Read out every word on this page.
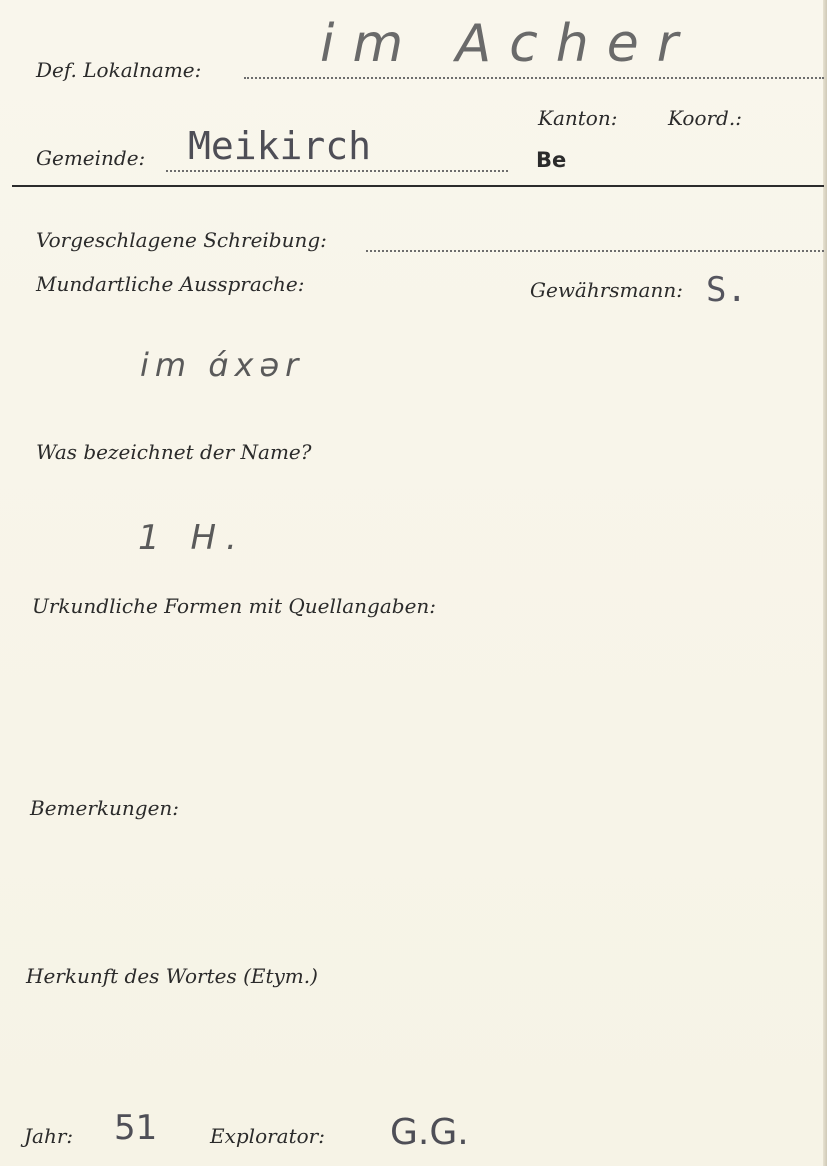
Def. Lokalname: im Acher
Kanton:	Koord.:
Be
Gemeinde: Meikirch
Vorgeschlagene Schreibung:
Mundartliche Aussprache:	Gewährsmann: S.
im ɑ́xər
Was bezeichnet der Name?
1 H.
Urkundliche Formen mit Quellangaben:
Bemerkungen:
Herkunft des Wortes (Etym.)
Jahr: 51	Explorator: G.G.
